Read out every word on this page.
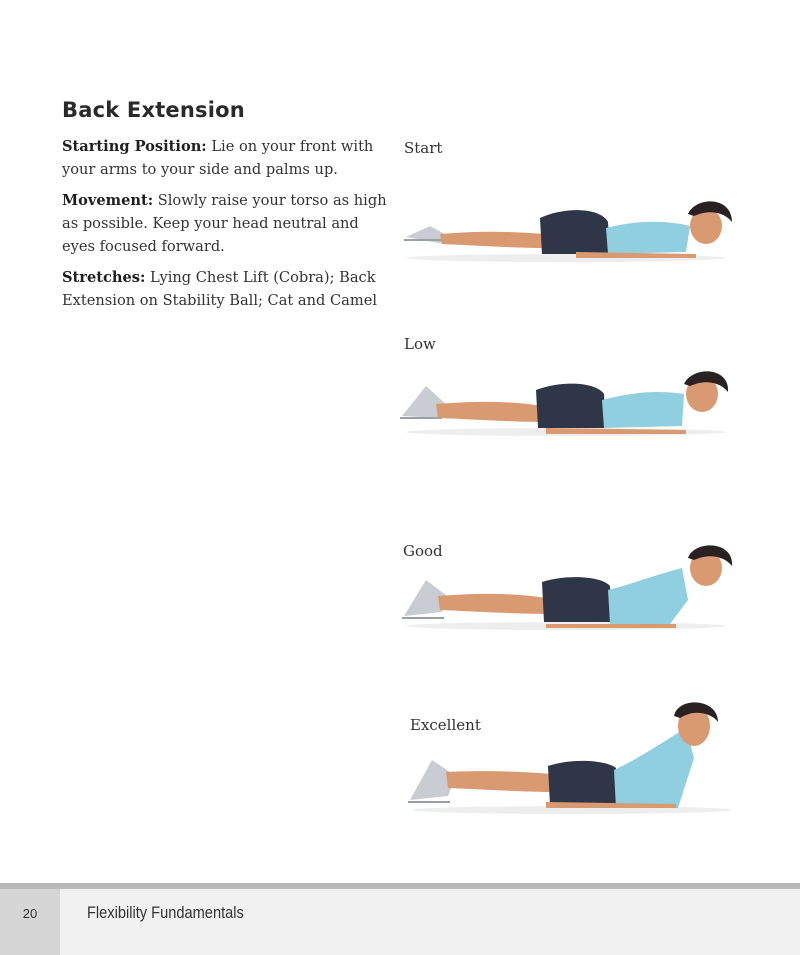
Back Extension

Starting Position: Lie on your front with your arms to your side and palms up.

Movement: Slowly raise your torso as high as possible. Keep your head neutral and eyes focused forward.

Stretches: Lying Chest Lift (Cobra); Back Extension on Stability Ball; Cat and Camel

Start
Low
Good
Excellent
20	Flexibility Fundamentals
